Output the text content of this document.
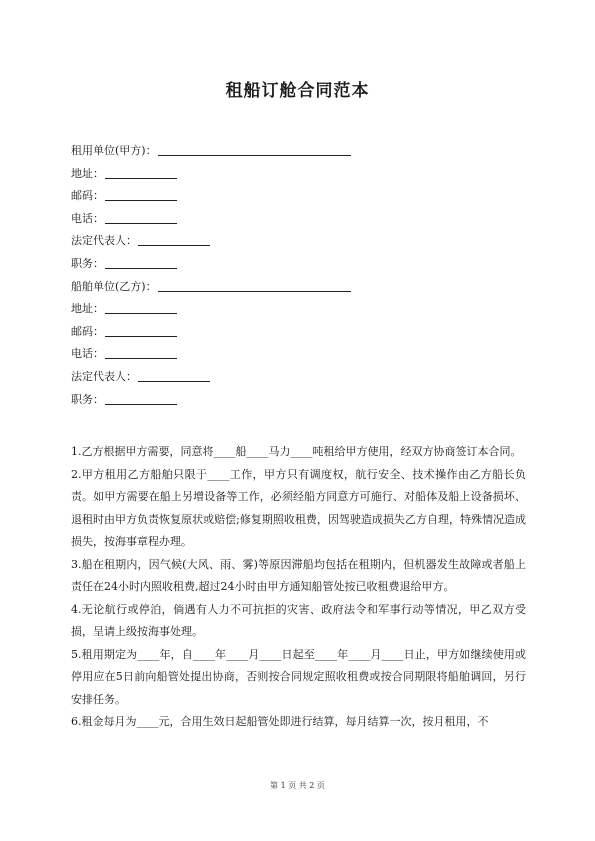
租船订舱合同范本
租用单位(甲方)：
地址：
邮码：
电话：
法定代表人：
职务：
船舶单位(乙方)：
地址：
邮码：
电话：
法定代表人：
职务：

1.乙方根据甲方需要，同意将____船____马力____吨租给甲方使用，经双方协商签订本合同。

2.甲方租用乙方船舶只限于____工作，甲方只有调度权，航行安全、技术操作由乙方船长负责。如甲方需要在船上另增设备等工作，必须经船方同意方可施行、对船体及船上设备损坏、退租时由甲方负责恢复原状或赔偿;修复期照收租费，因驾驶造成损失乙方自理，特殊情况造成损失，按海事章程办理。

3.船在租期内，因气候(大风、雨、雾)等原因滞船均包括在租期内，但机器发生故障或者船上责任在24小时内照收租费,超过24小时由甲方通知船管处按已收租费退给甲方。

4.无论航行或停泊，倘遇有人力不可抗拒的灾害、政府法令和军事行动等情况，甲乙双方受损，呈请上级按海事处理。

5.租用期定为____年，自____年____月____日起至____年____月____日止，甲方如继续使用或停用应在5日前向船管处提出协商，否则按合同规定照收租费或按合同期限将船舶调回，另行安排任务。

6.租金每月为____元，合用生效日起船管处即进行结算，每月结算一次，按月租用，不

第 1 页 共 2 页
